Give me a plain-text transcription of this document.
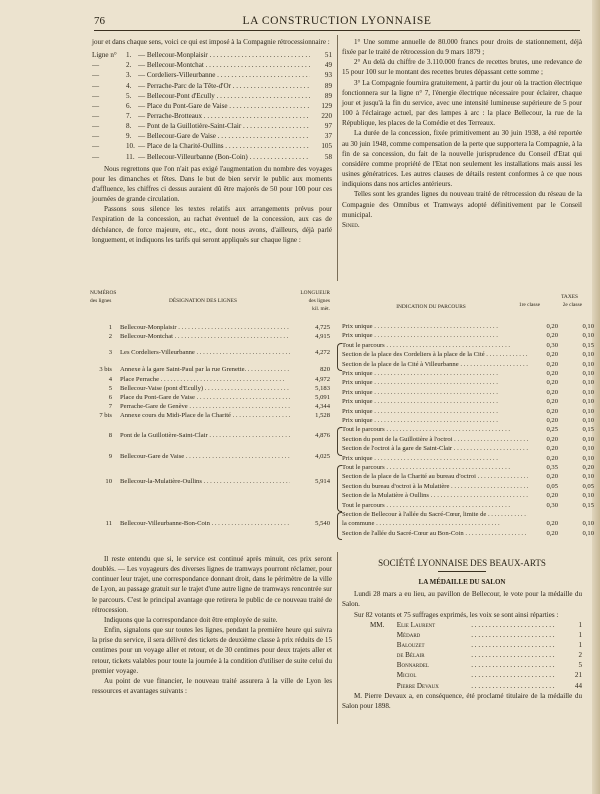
76	LA CONSTRUCTION LYONNAISE

jour et dans chaque sens, voici ce qui est imposé à la Compagnie rétrocessionnaire :

Ligne n°	1. — Bellecour-Monplaisir . . .	51
—	2. — Bellecour-Montchat . . .	49
—	3. — Cordeliers-Villeurbanne . . .	93
—	4. — Perrache-Parc de la Tête-d'Or . . .	89
—	5. — Bellecour-Pont d'Ecully . . .	89
—	6. — Place du Pont-Gare de Vaise . . .	129
—	7. — Perrache-Brotteaux . . .	220
—	8. — Pont de la Guillotière-Saint-Clair . . .	97
—	9. — Bellecour-Gare de Vaise . . .	37
—	10. — Place de la Charité-Oullins . . .	105
—	11. — Bellecour-Villeurbanne (Bon-Coin) . . .	58

Nous regrettons que l'on n'ait pas exigé l'augmentation du nombre des voyages pour les dimanches et fêtes. Dans le but de bien servir le public aux moments d'affluence, les chiffres ci dessus auraient dû être majorés de 50 pour 100 pour ces journées de grande circulation.

Passons sous silence les textes relatifs aux arrangements prévus pour l'expiration de la concession, au rachat éventuel de la concession, aux cas de déchéance, de force majeure, etc., etc., dont nous avons, d'ailleurs, déjà parlé longuement, et indiquons les tarifs qui seront appliqués sur chaque ligne :

1° Une somme annuelle de 80.000 francs pour droits de stationnement, déjà fixée par le traité de rétrocession du 9 mars 1879 ;

2° Au delà du chiffre de 3.110.000 francs de recettes brutes, une redevance de 15 pour 100 sur le montant des recettes brutes dépassant cette somme ;

3° La Compagnie fournira gratuitement, à partir du jour où la traction électrique fonctionnera sur la ligne n° 7, l'énergie électrique nécessaire pour éclairer, chaque jour et jusqu'à la fin du service, avec une intensité lumineuse supérieure de 5 pour 100 à l'éclairage actuel, par des lampes à arc : la place Bellecour, la rue de la République, les places de la Comédie et des Terreaux.

La durée de la concession, fixée primitivement au 30 juin 1938, a été reportée au 30 juin 1948, comme compensation de la perte que supportera la Compagnie, à la fin de sa concession, du fait de la nouvelle jurisprudence du Conseil d'Etat qui considère comme propriété de l'Etat non seulement les installations mais aussi les usines génératrices. Les autres clauses de détails restent conformes à ce que nous indiquions dans nos articles antérieurs.

Telles sont les grandes lignes du nouveau traité de rétrocession du réseau de la Compagnie des Omnibus et Tramways adopté définitivement par le Conseil municipal.

Sined.

NUMÉROS
des lignes	DÉSIGNATION DES LIGNES
LONGUEUR
des lignes
kil. mèt.
1	Bellecour-Monplaisir . . .	4,725
2	Bellecour-Montchat . . .	4,915
3	Les Cordeliers-Villeurbanne . . .	4,272
3 bis	Annexe à la gare Saint-Paul par la rue Grenette. . . .	820
4	Place Perrache . . .	4,972
5	Bellecour-Vaise (pont d'Ecully) . . .	5,183
6	Place du Pont-Gare de Vaise . . .	5,091
7	Perrache-Gare de Genève . . .	4,344
7 bis	Annexe cours du Midi-Place de la Charité . . .	1,528
8	Pont de la Guillotière-Saint-Clair . . .	4,876
9	Bellecour-Gare de Vaise . . .	4,025
10	Bellecour-la-Mulatière-Oullins . . .	5,914
11	Bellecour-Villeurbanne-Bon-Coin . . .	5,540
INDICATION DU PARCOURS
TAXES
1re classe	2e classe
Prix unique . . .	0,20	0,10
Prix unique . . .	0,20	0,10
Tout le parcours . . .	0,30	0,15
Section de la place des Cordeliers à la place de la Cité . . .	0,20	0,10
Section de la place de la Cité à Villeurbanne . . .	0,20	0,10
Prix unique . . .	0,20	0,10
Prix unique . . .	0,20	0,10
Prix unique . . .	0,20	0,10
Prix unique . . .	0,20	0,10
Prix unique . . .	0,20	0,10
Prix unique . . .	0,20	0,10
Tout le parcours . . .	0,25	0,15
Section du pont de la Guillotière à l'octroi . . .	0,20	0,10
Section de l'octroi à la gare de Saint-Clair . . .	0,20	0,10
Prix unique . . .	0,20	0,10
Tout le parcours . . .	0,35	0,20
Section de la place de la Charité au bureau d'octroi . . .	0,20	0,10
Section du bureau d'octroi à la Mulatière . . .	0,05	0,05
Section de la Mulatière à Oullins . . .	0,20	0,10
Tout le parcours . . .	0,30	0,15
Section de Bellecour à l'allée du Sacré-Cœur, limite de . . .
la commune . . .	0,20	0,10
Section de l'allée du Sacré-Cœur au Bon-Coin . . .	0,20	0,10

Il reste entendu que si, le service est continué après minuit, ces prix seront doublés. — Les voyageurs des diverses lignes de tramways pourront réclamer, pour continuer leur trajet, une correspondance donnant droit, dans le périmètre de la ville de Lyon, au passage gratuit sur le trajet d'une autre ligne de tramways rencontrée sur le parcours. C'est le principal avantage que retirera le public de ce nouveau traité de rétrocession.

Indiquons que la correspondance doit être employée de suite.

Enfin, signalons que sur toutes les lignes, pendant la première heure qui suivra la prise du service, il sera délivré des tickets de deuxième classe à prix réduits de 15 centimes pour un voyage aller et retour, et de 30 centimes pour deux trajets aller et retour, tickets valables pour toute la journée à la condition d'utiliser de suite celui du premier voyage.

Au point de vue financier, le nouveau traité assurera à la ville de Lyon les ressources et avantages suivants :

SOCIÉTÉ LYONNAISE DES BEAUX-ARTS
LA MÉDAILLE DU SALON

Lundi 28 mars a eu lieu, au pavillon de Bellecour, le vote pour la médaille du Salon.

Sur 82 votants et 75 suffrages exprimés, les voix se sont ainsi réparties :

MM.	Elie Laurent . . .	1
Médard . . .	1
Balouzet . . .	1
de Bélair . . .	2
Bonnardel . . .	5
Miciol . . .	21
Pierre Devaux . . .	44

M. Pierre Devaux a, en conséquence, été proclamé titulaire de la médaille du Salon pour 1898.
